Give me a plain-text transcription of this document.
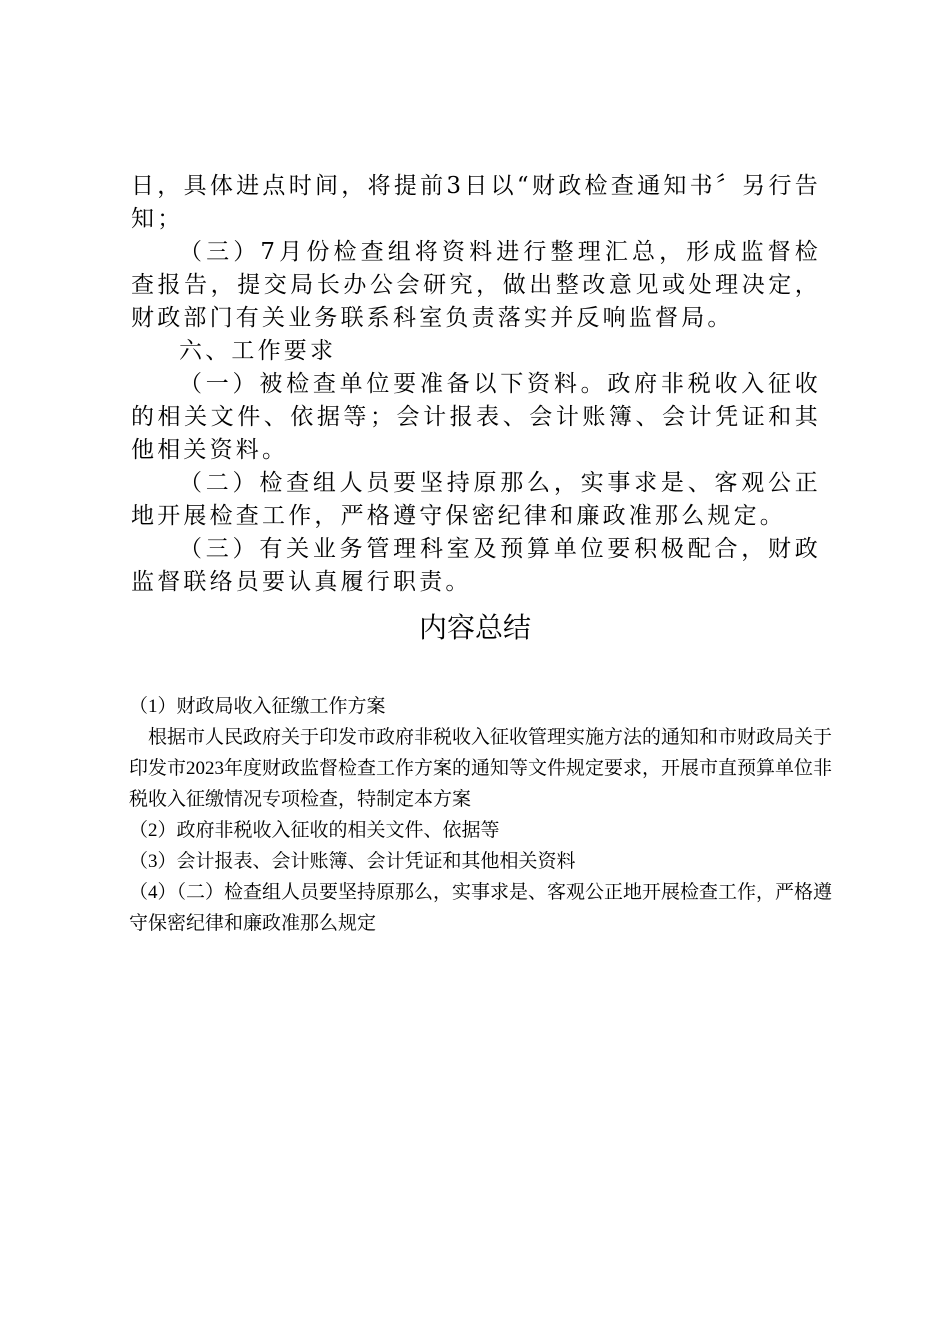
日，具体进点时间，将提前3日以“财政检查通知书〞另行告知；

（三）7月份检查组将资料进行整理汇总，形成监督检查报告，提交局长办公会研究，做出整改意见或处理决定，财政部门有关业务联系科室负责落实并反响监督局。

六、工作要求

（一）被检查单位要准备以下资料。政府非税收入征收的相关文件、依据等；会计报表、会计账簿、会计凭证和其他相关资料。

（二）检查组人员要坚持原那么，实事求是、客观公正地开展检查工作，严格遵守保密纪律和廉政准那么规定。

（三）有关业务管理科室及预算单位要积极配合，财政监督联络员要认真履行职责。

内容总结

（1）财政局收入征缴工作方案

根据市人民政府关于印发市政府非税收入征收管理实施方法的通知和市财政局关于印发市2023年度财政监督检查工作方案的通知等文件规定要求，开展市直预算单位非税收入征缴情况专项检查，特制定本方案

（2）政府非税收入征收的相关文件、依据等

（3）会计报表、会计账簿、会计凭证和其他相关资料

（4）（二）检查组人员要坚持原那么，实事求是、客观公正地开展检查工作，严格遵守保密纪律和廉政准那么规定
